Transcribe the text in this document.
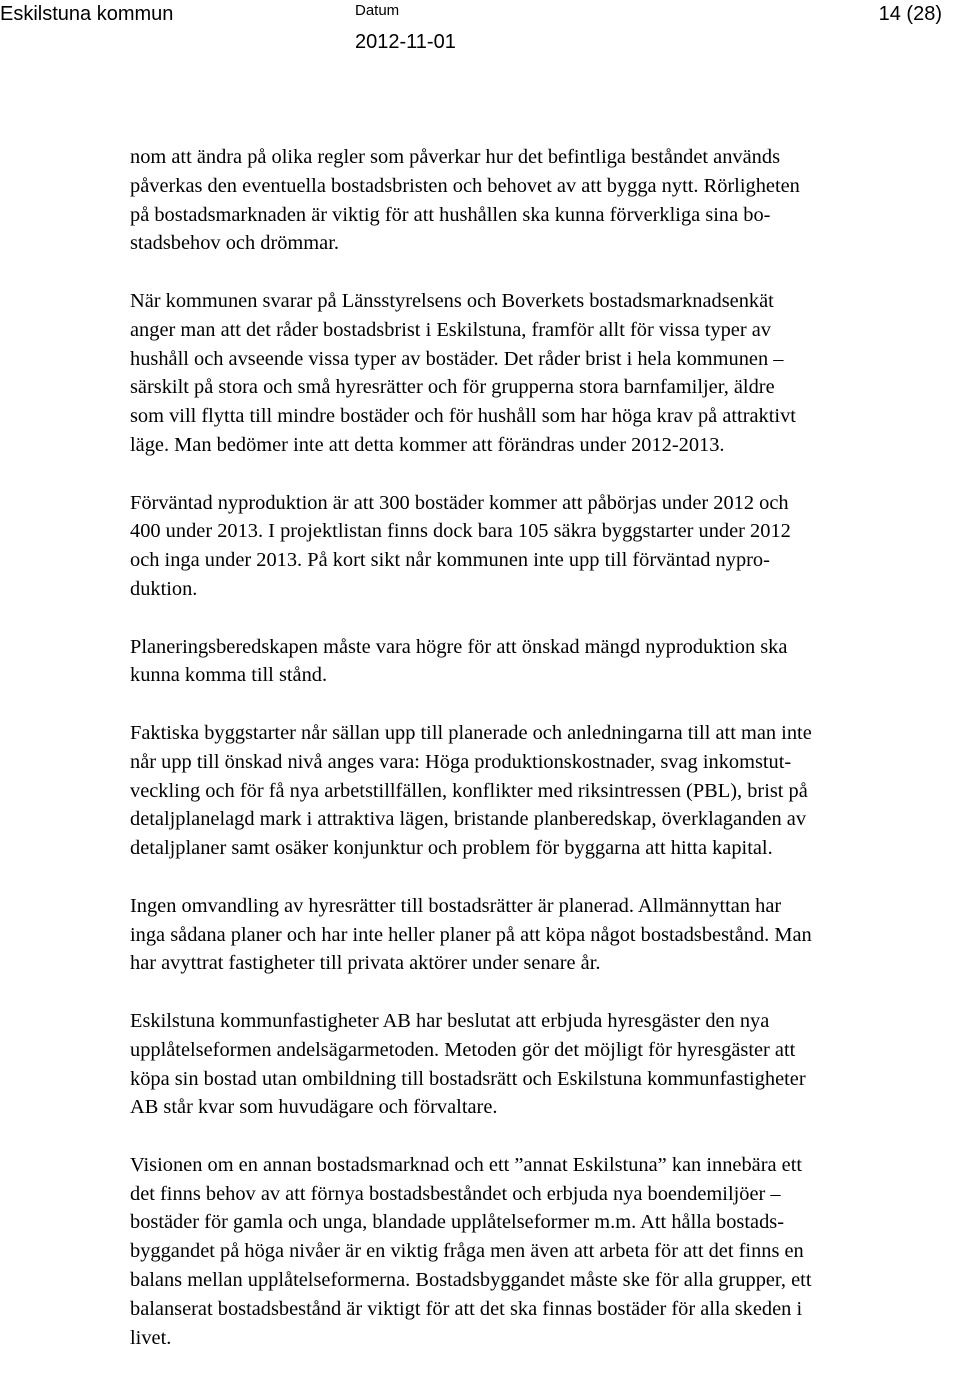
Eskilstuna kommun	Datum
2012-11-01
14 (28)
nom att ändra på olika regler som påverkar hur det befintliga beståndet används
påverkas den eventuella bostadsbristen och behovet av att bygga nytt. Rörligheten
på bostadsmarknaden är viktig för att hushållen ska kunna förverkliga sina bo-
stadsbehov och drömmar.
När kommunen svarar på Länsstyrelsens och Boverkets bostadsmarknadsenkät
anger man att det råder bostadsbrist i Eskilstuna, framför allt för vissa typer av
hushåll och avseende vissa typer av bostäder. Det råder brist i hela kommunen –
särskilt på stora och små hyresrätter och för grupperna stora barnfamiljer, äldre
som vill flytta till mindre bostäder och för hushåll som har höga krav på attraktivt
läge. Man bedömer inte att detta kommer att förändras under 2012-2013.
Förväntad nyproduktion är att 300 bostäder kommer att påbörjas under 2012 och
400 under 2013. I projektlistan finns dock bara 105 säkra byggstarter under 2012
och inga under 2013. På kort sikt når kommunen inte upp till förväntad nypro-
duktion.
Planeringsberedskapen måste vara högre för att önskad mängd nyproduktion ska
kunna komma till stånd.
Faktiska byggstarter når sällan upp till planerade och anledningarna till att man inte
når upp till önskad nivå anges vara: Höga produktionskostnader, svag inkomstut-
veckling och för få nya arbetstillfällen, konflikter med riksintressen (PBL), brist på
detaljplanelagd mark i attraktiva lägen, bristande planberedskap, överklaganden av
detaljplaner samt osäker konjunktur och problem för byggarna att hitta kapital.
Ingen omvandling av hyresrätter till bostadsrätter är planerad. Allmännyttan har
inga sådana planer och har inte heller planer på att köpa något bostadsbestånd. Man
har avyttrat fastigheter till privata aktörer under senare år.
Eskilstuna kommunfastigheter AB har beslutat att erbjuda hyresgäster den nya
upplåtelseformen andelsägarmetoden. Metoden gör det möjligt för hyresgäster att
köpa sin bostad utan ombildning till bostadsrätt och Eskilstuna kommunfastigheter
AB står kvar som huvudägare och förvaltare.
Visionen om en annan bostadsmarknad och ett ”annat Eskilstuna” kan innebära ett
det finns behov av att förnya bostadsbeståndet och erbjuda nya boendemiljöer –
bostäder för gamla och unga, blandade upplåtelseformer m.m. Att hålla bostads-
byggandet på höga nivåer är en viktig fråga men även att arbeta för att det finns en
balans mellan upplåtelseformerna. Bostadsbyggandet måste ske för alla grupper, ett
balanserat bostadsbestånd är viktigt för att det ska finnas bostäder för alla skeden i
livet.
